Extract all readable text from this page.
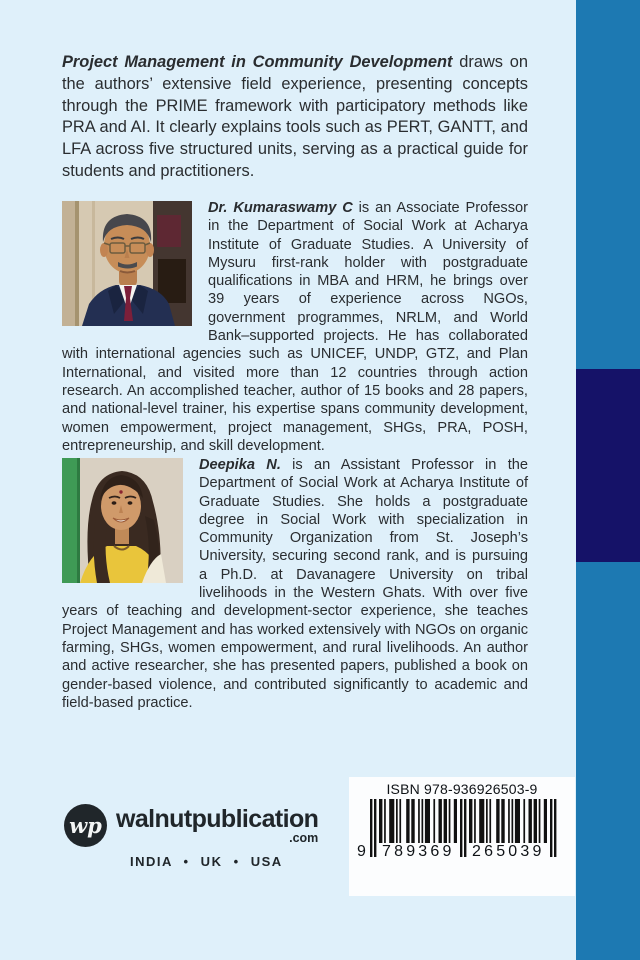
Project Management in Community Development draws on the authors’ extensive field experience, presenting concepts through the PRIME framework with participatory methods like PRA and AI. It clearly explains tools such as PERT, GANTT, and LFA across five structured units, serving as a practical guide for students and practitioners.

Dr. Kumaraswamy C is an Associate Professor in the Department of Social Work at Acharya Institute of Graduate Studies. A University of Mysuru first-rank holder with postgraduate qualifications in MBA and HRM, he brings over 39 years of experience across NGOs, government programmes, NRLM, and World Bank–supported projects. He has collaborated with international agencies such as UNICEF, UNDP, GTZ, and Plan International, and visited more than 12 countries through action research. An accomplished teacher, author of 15 books and 28 papers, and national-level trainer, his expertise spans community development, women empowerment, project management, SHGs, PRA, POSH, entrepreneurship, and skill development.
Deepika N. is an Assistant Professor in the Department of Social Work at Acharya Institute of Graduate Studies. She holds a postgraduate degree in Social Work with specialization in Community Organization from St. Joseph’s University, securing second rank, and is pursuing a Ph.D. at Davanagere University on tribal livelihoods in the Western Ghats. With over five years of teaching and development-sector experience, she teaches Project Management and has worked extensively with NGOs on organic farming, SHGs, women empowerment, and rural livelihoods. An author and active researcher, she has presented papers, published a book on gender-based violence, and contributed significantly to academic and field-based practice.
wp walnutpublication
.com
INDIA • UK • USA
ISBN 978-936926503-9
9 789369 265039
